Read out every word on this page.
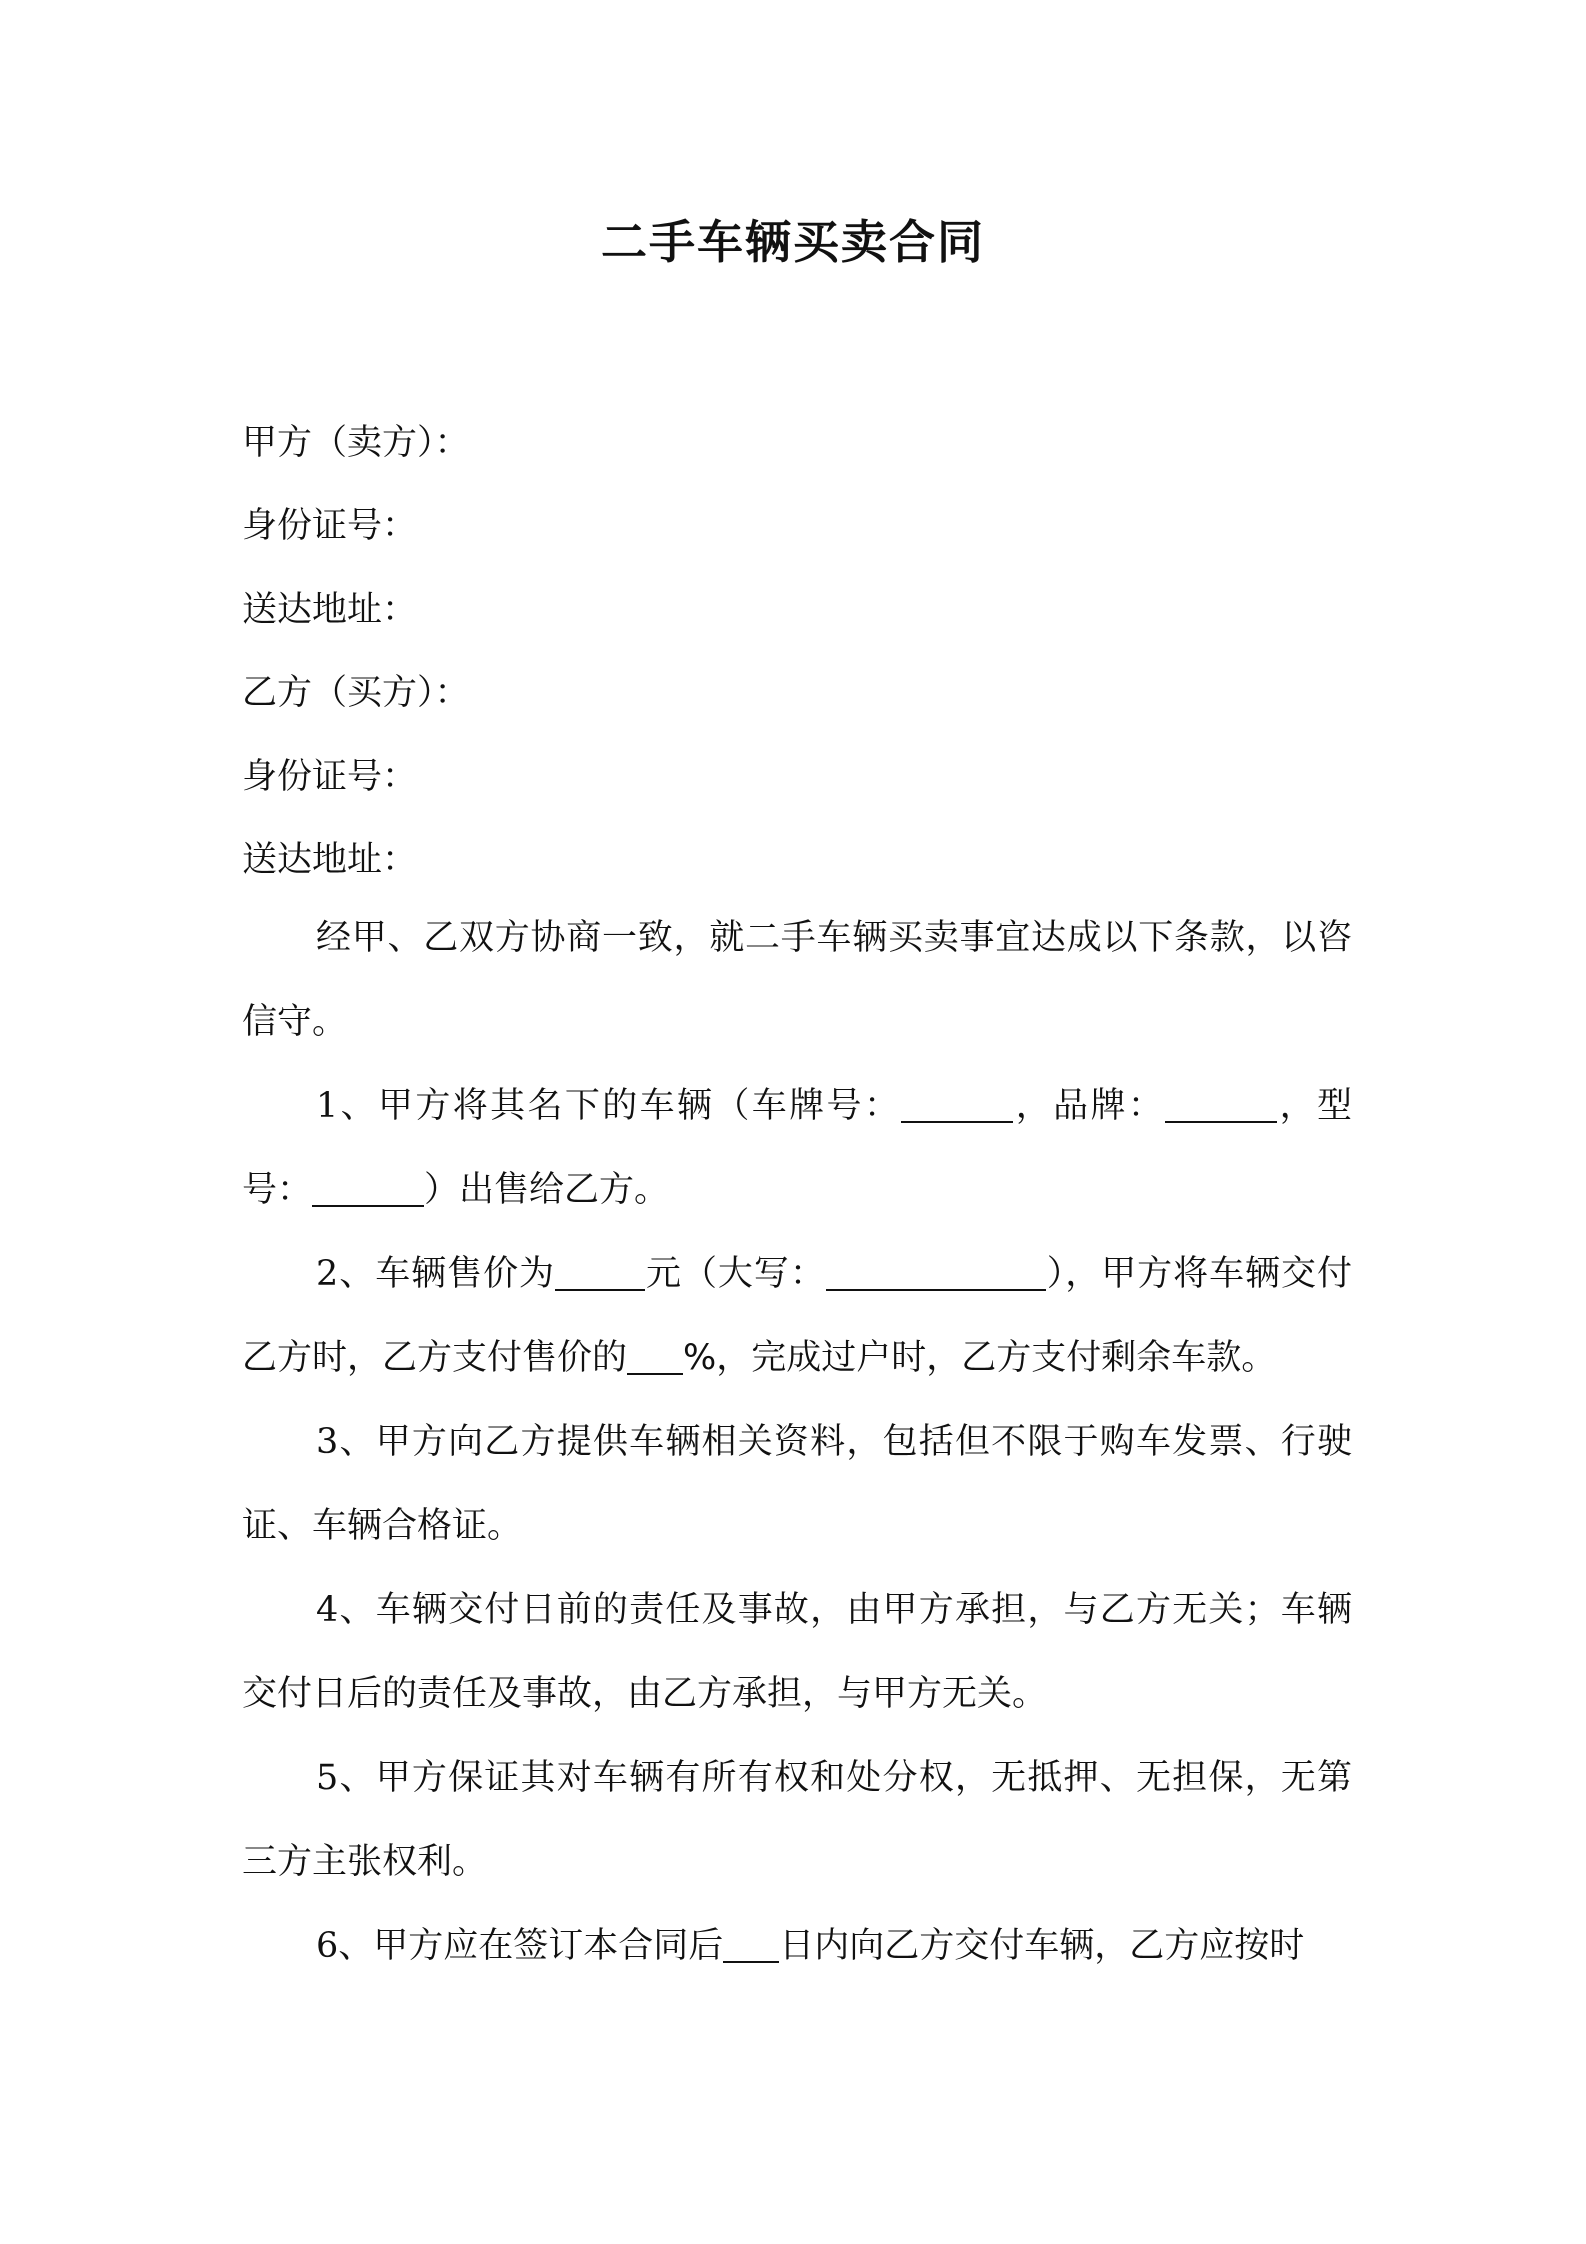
二手车辆买卖合同
甲方（卖方）：
身份证号：
送达地址：
乙方（买方）：
身份证号：
送达地址：

经甲、乙双方协商一致，就二手车辆买卖事宜达成以下条款，以咨信守。

1、甲方将其名下的车辆（车牌号：	，品牌：	，型号：	）出售给乙方。

2、车辆售价为	元（大写：	），甲方将车辆交付乙方时，乙方支付售价的 %，完成过户时，乙方支付剩余车款。

3、甲方向乙方提供车辆相关资料，包括但不限于购车发票、行驶证、车辆合格证。

4、车辆交付日前的责任及事故，由甲方承担，与乙方无关；车辆交付日后的责任及事故，由乙方承担，与甲方无关。

5、甲方保证其对车辆有所有权和处分权，无抵押、无担保，无第三方主张权利。

6、甲方应在签订本合同后 日内向乙方交付车辆，乙方应按时
